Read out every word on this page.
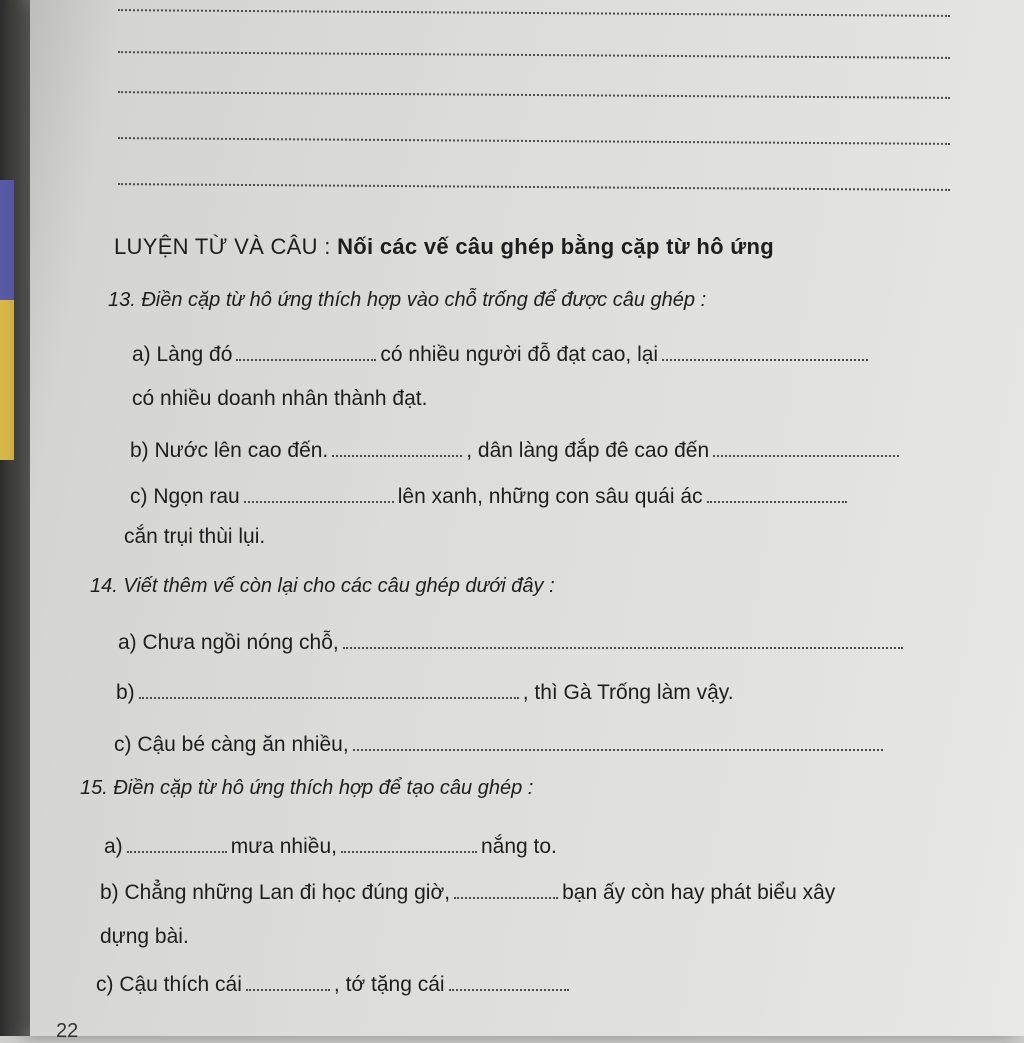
LUYỆN TỪ VÀ CÂU : Nối các vế câu ghép bằng cặp từ hô ứng
13. Điền cặp từ hô ứng thích hợp vào chỗ trống để được câu ghép :
a) Làng đó	có nhiều người đỗ đạt cao, lại
có nhiều doanh nhân thành đạt.
b) Nước lên cao đến.	, dân làng đắp đê cao đến
c) Ngọn rau	lên xanh, những con sâu quái ác
cắn trụi thùi lụi.
14. Viết thêm vế còn lại cho các câu ghép dưới đây :
a) Chưa ngồi nóng chỗ,
b)	, thì Gà Trống làm vậy.
c) Cậu bé càng ăn nhiều,
15. Điền cặp từ hô ứng thích hợp để tạo câu ghép :
a)	mưa nhiều,	nắng to.
b) Chẳng những Lan đi học đúng giờ,	bạn ấy còn hay phát biểu xây
dựng bài.
c) Cậu thích cái	, tớ tặng cái
22
